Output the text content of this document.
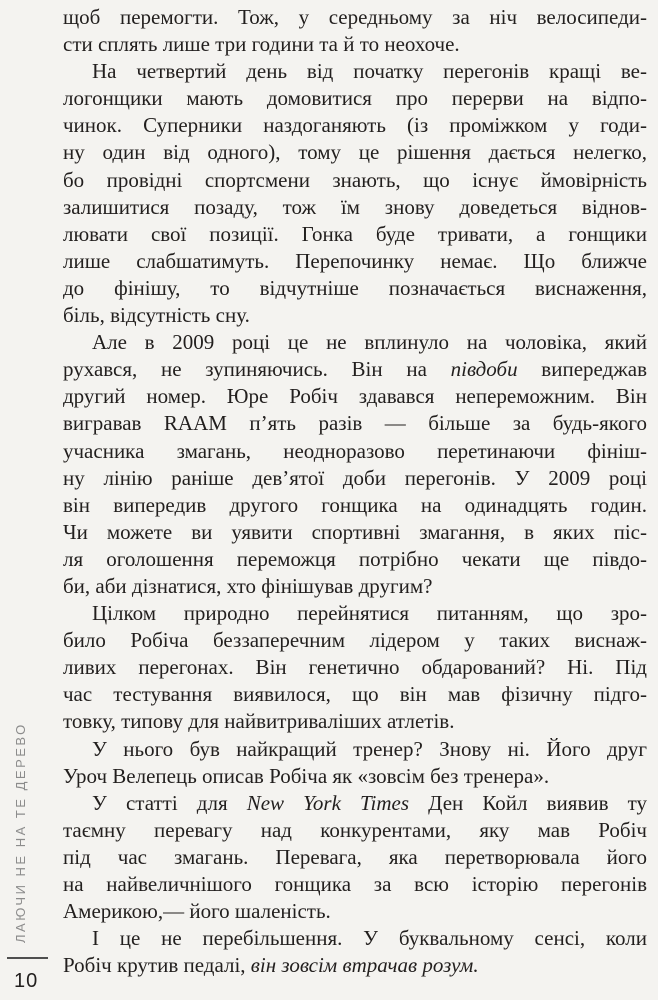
ЛАЮЧИ НЕ НА ТЕ ДЕРЕВО
10
щоб перемогти. Тож, у середньому за ніч велосипеди-
сти сплять лише три години та й то неохоче.
На четвертий день від початку перегонів кращі ве-
логонщики мають домовитися про перерви на відпо-
чинок. Суперники наздоганяють (із проміжком у годи-
ну один від одного), тому це рішення дається нелегко,
бо провідні спортсмени знають, що існує ймовірність
залишитися позаду, тож їм знову доведеться віднов-
лювати свої позиції. Гонка буде тривати, а гонщики
лише слабшатимуть. Перепочинку немає. Що ближче
до фінішу, то відчутніше позначається виснаження,
біль, відсутність сну.
Але в 2009 році це не вплинуло на чоловіка, який
рухався, не зупиняючись. Він на півдоби випереджав
другий номер. Юре Робіч здавався непереможним. Він
вигравав RAAM п’ять разів — більше за будь-якого
учасника змагань, неодноразово перетинаючи фініш-
ну лінію раніше дев’ятої доби перегонів. У 2009 році
він випередив другого гонщика на одинадцять годин.
Чи можете ви уявити спортивні змагання, в яких піс-
ля оголошення переможця потрібно чекати ще півдо-
би, аби дізнатися, хто фінішував другим?
Цілком природно перейнятися питанням, що зро-
било Робіча беззаперечним лідером у таких виснаж-
ливих перегонах. Він генетично обдарований? Ні. Під
час тестування виявилося, що він мав фізичну підго-
товку, типову для найвитриваліших атлетів.
У нього був найкращий тренер? Знову ні. Його друг
Уроч Велепець описав Робіча як «зовсім без тренера».
У статті для New York Times Ден Койл виявив ту
таємну перевагу над конкурентами, яку мав Робіч
під час змагань. Перевага, яка перетворювала його
на найвеличнішого гонщика за всю історію перегонів
Америкою,— його шаленість.
І це не перебільшення. У буквальному сенсі, коли
Робіч крутив педалі, він зовсім втрачав розум.
